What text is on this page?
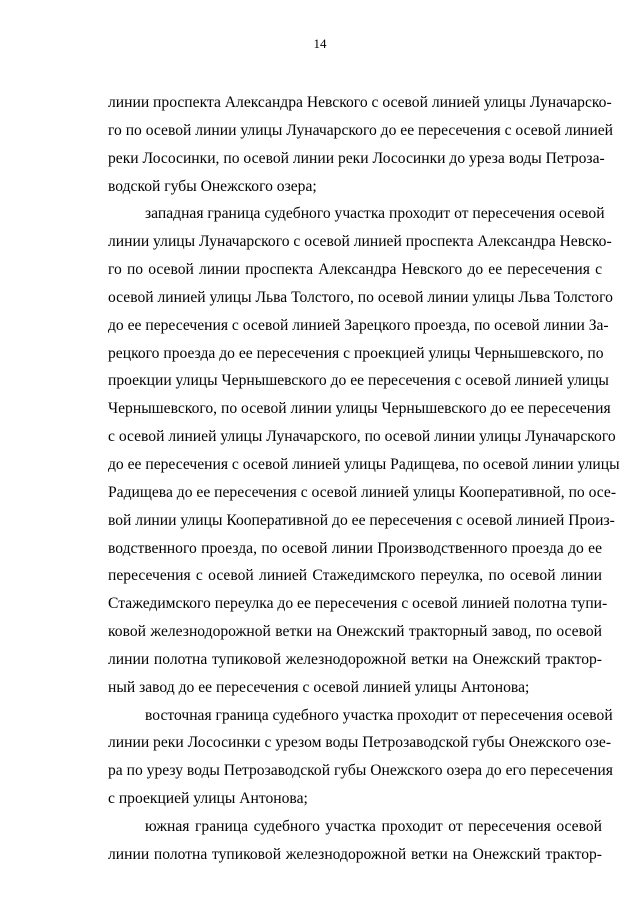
14
линии проспекта Александра Невского с осевой линией улицы Луначарско-
го по осевой линии улицы Луначарского до ее пересечения с осевой линией
реки Лососинки, по осевой линии реки Лососинки до уреза воды Петроза-
водской губы Онежского озера;
западная граница судебного участка проходит от пересечения осевой
линии улицы Луначарского с осевой линией проспекта Александра Невско-
го по осевой линии проспекта Александра Невского до ее пересечения с
осевой линией улицы Льва Толстого, по осевой линии улицы Льва Толстого
до ее пересечения с осевой линией Зарецкого проезда, по осевой линии За-
рецкого проезда до ее пересечения с проекцией улицы Чернышевского, по
проекции улицы Чернышевского до ее пересечения с осевой линией улицы
Чернышевского, по осевой линии улицы Чернышевского до ее пересечения
с осевой линией улицы Луначарского, по осевой линии улицы Луначарского
до ее пересечения с осевой линией улицы Радищева, по осевой линии улицы
Радищева до ее пересечения с осевой линией улицы Кооперативной, по осе-
вой линии улицы Кооперативной до ее пересечения с осевой линией Произ-
водственного проезда, по осевой линии Производственного проезда до ее
пересечения с осевой линией Стажедимского переулка, по осевой линии
Стажедимского переулка до ее пересечения с осевой линией полотна тупи-
ковой железнодорожной ветки на Онежский тракторный завод, по осевой
линии полотна тупиковой железнодорожной ветки на Онежский трактор-
ный завод до ее пересечения с осевой линией улицы Антонова;
восточная граница судебного участка проходит от пересечения осевой
линии реки Лососинки с урезом воды Петрозаводской губы Онежского озе-
ра по урезу воды Петрозаводской губы Онежского озера до его пересечения
с проекцией улицы Антонова;
южная граница судебного участка проходит от пересечения осевой
линии полотна тупиковой железнодорожной ветки на Онежский трактор-
